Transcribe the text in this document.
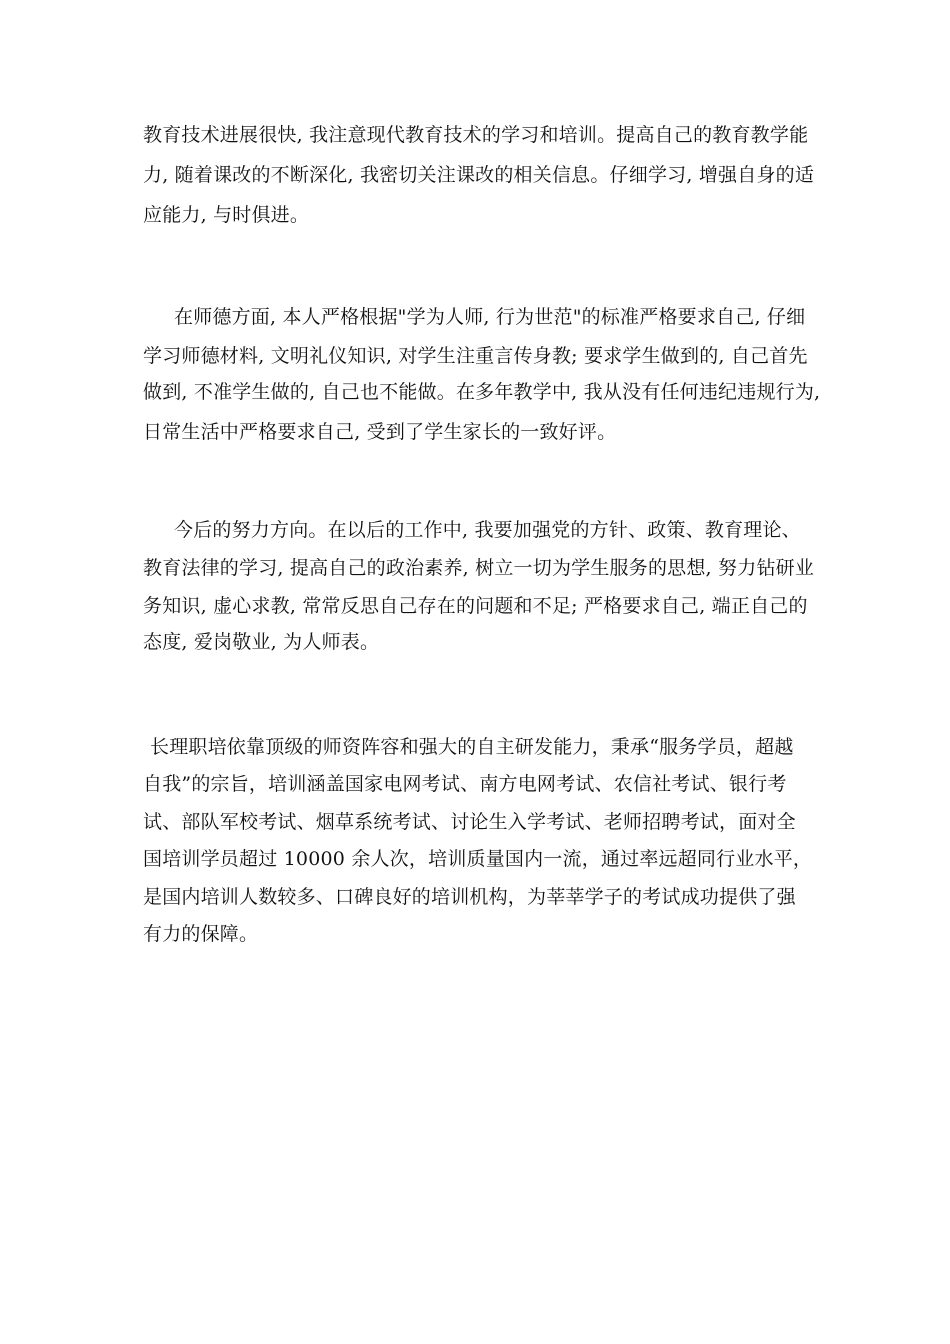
教育技术进展很快, 我注意现代教育技术的学习和培训。提高自己的教育教学能
力, 随着课改的不断深化, 我密切关注课改的相关信息。仔细学习, 增强自身的适
应能力, 与时俱进。
在师德方面, 本人严格根据"学为人师, 行为世范"的标准严格要求自己, 仔细
学习师德材料, 文明礼仪知识, 对学生注重言传身教; 要求学生做到的, 自己首先
做到, 不准学生做的, 自己也不能做。在多年教学中, 我从没有任何违纪违规行为,
日常生活中严格要求自己, 受到了学生家长的一致好评。
今后的努力方向。在以后的工作中, 我要加强党的方针、政策、教育理论、
教育法律的学习, 提高自己的政治素养, 树立一切为学生服务的思想, 努力钻研业
务知识, 虚心求教, 常常反思自己存在的问题和不足; 严格要求自己, 端正自己的
态度, 爱岗敬业, 为人师表。
长理职培依靠顶级的师资阵容和强大的自主研发能力，秉承“服务学员，超越
自我”的宗旨，培训涵盖国家电网考试、南方电网考试、农信社考试、银行考
试、部队军校考试、烟草系统考试、讨论生入学考试、老师招聘考试，面对全
国培训学员超过 10000 余人次，培训质量国内一流，通过率远超同行业水平，
是国内培训人数较多、口碑良好的培训机构，为莘莘学子的考试成功提供了强
有力的保障。
